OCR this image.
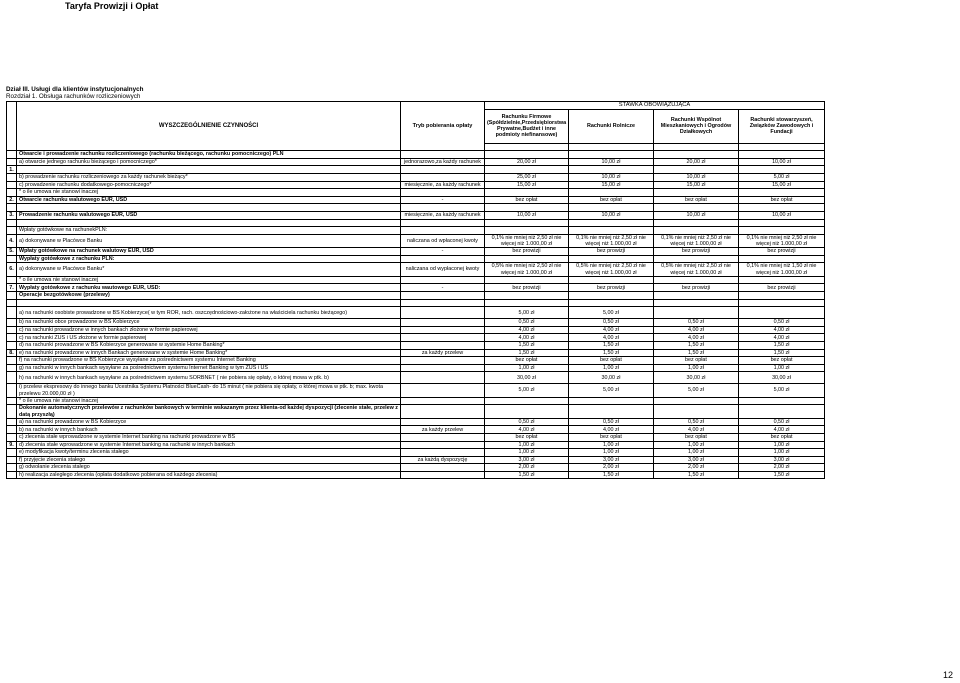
Taryfa Prowizji i Opłat
Dział III. Usługi dla klientów instytucjonalnych
Rozdział 1. Obsługa rachunków rozliczeniowych
	WYSZCZEGÓLNIENIE CZYNNOŚCI	Tryb pobierania opłaty	STAWKA OBOWIĄZUJĄCA			
			Rachunku Firmowe (Spółdzielnie,Przedsiębiorstwa Prywatne,Budżet i inne podmioty niefinansowe)	Rachunki Rolnicze	Rachunki Wspólnot Mieszkaniowych i Ogrodów Działkowych	Rachunki stowarzyszeń, Związków Zawodowych i Fundacji

	Otwarcie i prowadzenie rachunku rozliczeniowego (rachunku bieżącego, rachunku pomocniczego) PLN					
	a) otwarcie jednego rachunku bieżącego i pomocniczego*	jednorazowo,za każdy rachunek	20,00 zł	10,00 zł	20,00 zł	10,00 zł
1.						
	b) prowadzenie rachunku rozliczeniowego za każdy rachunek bieżący*		25,00 zł	10,00 zł	10,00 zł	5,00 zł
	c) prowadzenie rachunku dodatkowego-pomocniczego*	miesięcznie, za każdy rachunek	15,00 zł	15,00 zł	15,00 zł	15,00 zł
	* o ile umowa nie stanowi inaczej					
2.	Otwarcie rachunku walutowego EUR, USD	-	bez opłat	bez opłat	bez opłat	bez opłat

3.	Prowadzenie rachunku walutowego EUR, USD	miesięcznie, za każdy rachunek	10,00 zł	10,00 zł	10,00 zł	10,00 zł

	Wpłaty gotówkowe na rachunekPLN:					
4.	a) dokonywane w Placówce Banku	naliczana od wpłaconej kwoty	0,1% nie mniej niż 2,50 zł nie więcej niż 1.000,00 zł	0,1% nie mniej niż 2,50 zł nie więcej niż 1.000,00 zł	0,1% nie mniej niż 2,50 zł nie więcej niż 1.000,00 zł	0,1% nie mniej niż 2,50 zł nie więcej niż 1.000,00 zł
5.	Wpłaty gotówkowe na rachunek walutowy EUR, USD	-	bez prowizji	bez prowizji	bez prowizji	bez prowizji
	Wypłaty gotówkowe z rachunku PLN:					
6.	a) dokonywane w Placówce Banku*	naliczana od wypłaconej kwoty	0,5% nie mniej niż 2,50 zł nie więcej niż 1.000,00 zł	0,5% nie mniej niż 2,50 zł nie więcej niż 1.000,00 zł	0,5% nie mniej niż 2,50 zł nie więcej niż 1.000,00 zł	0,1% nie mniej niż 1,50 zł nie więcej niż 1.000,00 zł
	* o ile umowa nie stanowi inaczej					
7.	Wypłaty gotówkowe z rachunku wautowego EUR, USD:	-	bez prowizji	bez prowizji	bez prowizji	bez prowizji
	Operacje bezgotówkowe (przelewy)					

	a) na rachunki osobiste prowadzone w BS Kobierzyce( w tym ROR, rach. oszczędnościowo-założone na właściciela rachunku bieżącego)		5,00 zł	5,00 zł		
	b) na rachunki obce prowadzone w BS Kobierzyce		0,50 zł	0,50 zł	0,50 zł	0,50 zł
	c) na rachunki prowadzone w innych bankach złożone w formie papierowej		4,00 zł	4,00 zł	4,00 zł	4,00 zł
	c) na rachunki ZUS i US złożone w formie papierowej		4,00 zł	4,00 zł	4,00 zł	4,00 zł
	d) na rachunki prowadzone w BS Kobierzyce generowane w systemie Home Banking*		1,50 zł	1,50 zł	1,50 zł	1,50 zł
8.	e) na rachunki prowadzone w innych Bankach generowane w systemie Home Banking*	za każdy przelew	1,50 zł	1,50 zł	1,50 zł	1,50 zł
	f) na rachunki prowadzone w BS Kobierzyce wysyłane za pośrednictwem systemu Internet Banking		bez opłat	bez opłat	bez opłat	bez opłat
	g) na rachunki w innych bankach wysyłane za pośrednictwem systemu Internet Banking w tym ZUS i US		1,00 zł	1,00 zł	1,00 zł	1,00 zł
	h) na rachunki w innych bankach wysyłane za pośrednictwem systemu SORBNET ( nie pobiera się opłaty, o której mowa w ptk. b)		30,00 zł	30,00 zł	30,00 zł	30,00 zł
	i) przelew ekspresowy do innego banku Ucestnika Systemu Płatności BlueCash- do 15 minut ( nie pobiera się opłaty, o której mowa w ptk. b; max. kwota przelewu 20.000,00 zł )		5,00 zł	5,00 zł	5,00 zł	5,00 zł
	* o ile umowa nie stanowi inaczej					
	Dokonanie automatycznych przelewów z rachunków bankowych w terminie wskazanym przez klienta-od każdej dyspozycji (zlecenie stałe, przelew z datą przyszłą)					
	a) na rachunki prowadzone w BS Kobierzyce		0,50 zł	0,50 zł	0,50 zł	0,50 zł
	b) na rachunki w innych bankach	za każdy przelew	4,00 zł	4,00 zł	4,00 zł	4,00 zł
	c) zlecenia stałe wprowadzone w systemie Internet banking na rachunki prowadzone w BS		bez opłat	bez opłat	bez opłat	bez opłat
9.	d) zlecenia stałe wprowadzone w systemie Internet banking na rachunki w innych bankach		1,00 zł	1,00 zł	1,00 zł	1,00 zł
	e) modyfikacja kwoty/terminu zlecenia stałego		1,00 zł	1,00 zł	1,00 zł	1,00 zł
	f) przyjęcie zlecenia stałego	za każdą dyspozycję	3,00 zł	3,00 zł	3,00 zł	3,00 zł
	g) odwołanie zlecenia stałego		2,00 zł	2,00 zł	2,00 zł	2,00 zł
	h) realizacja zaległego zlecenia (opłata dodatkowo pobierana od każdego zlecenia)		1,50 zł	1,50 zł	1,50 zł	1,50 zł
12
